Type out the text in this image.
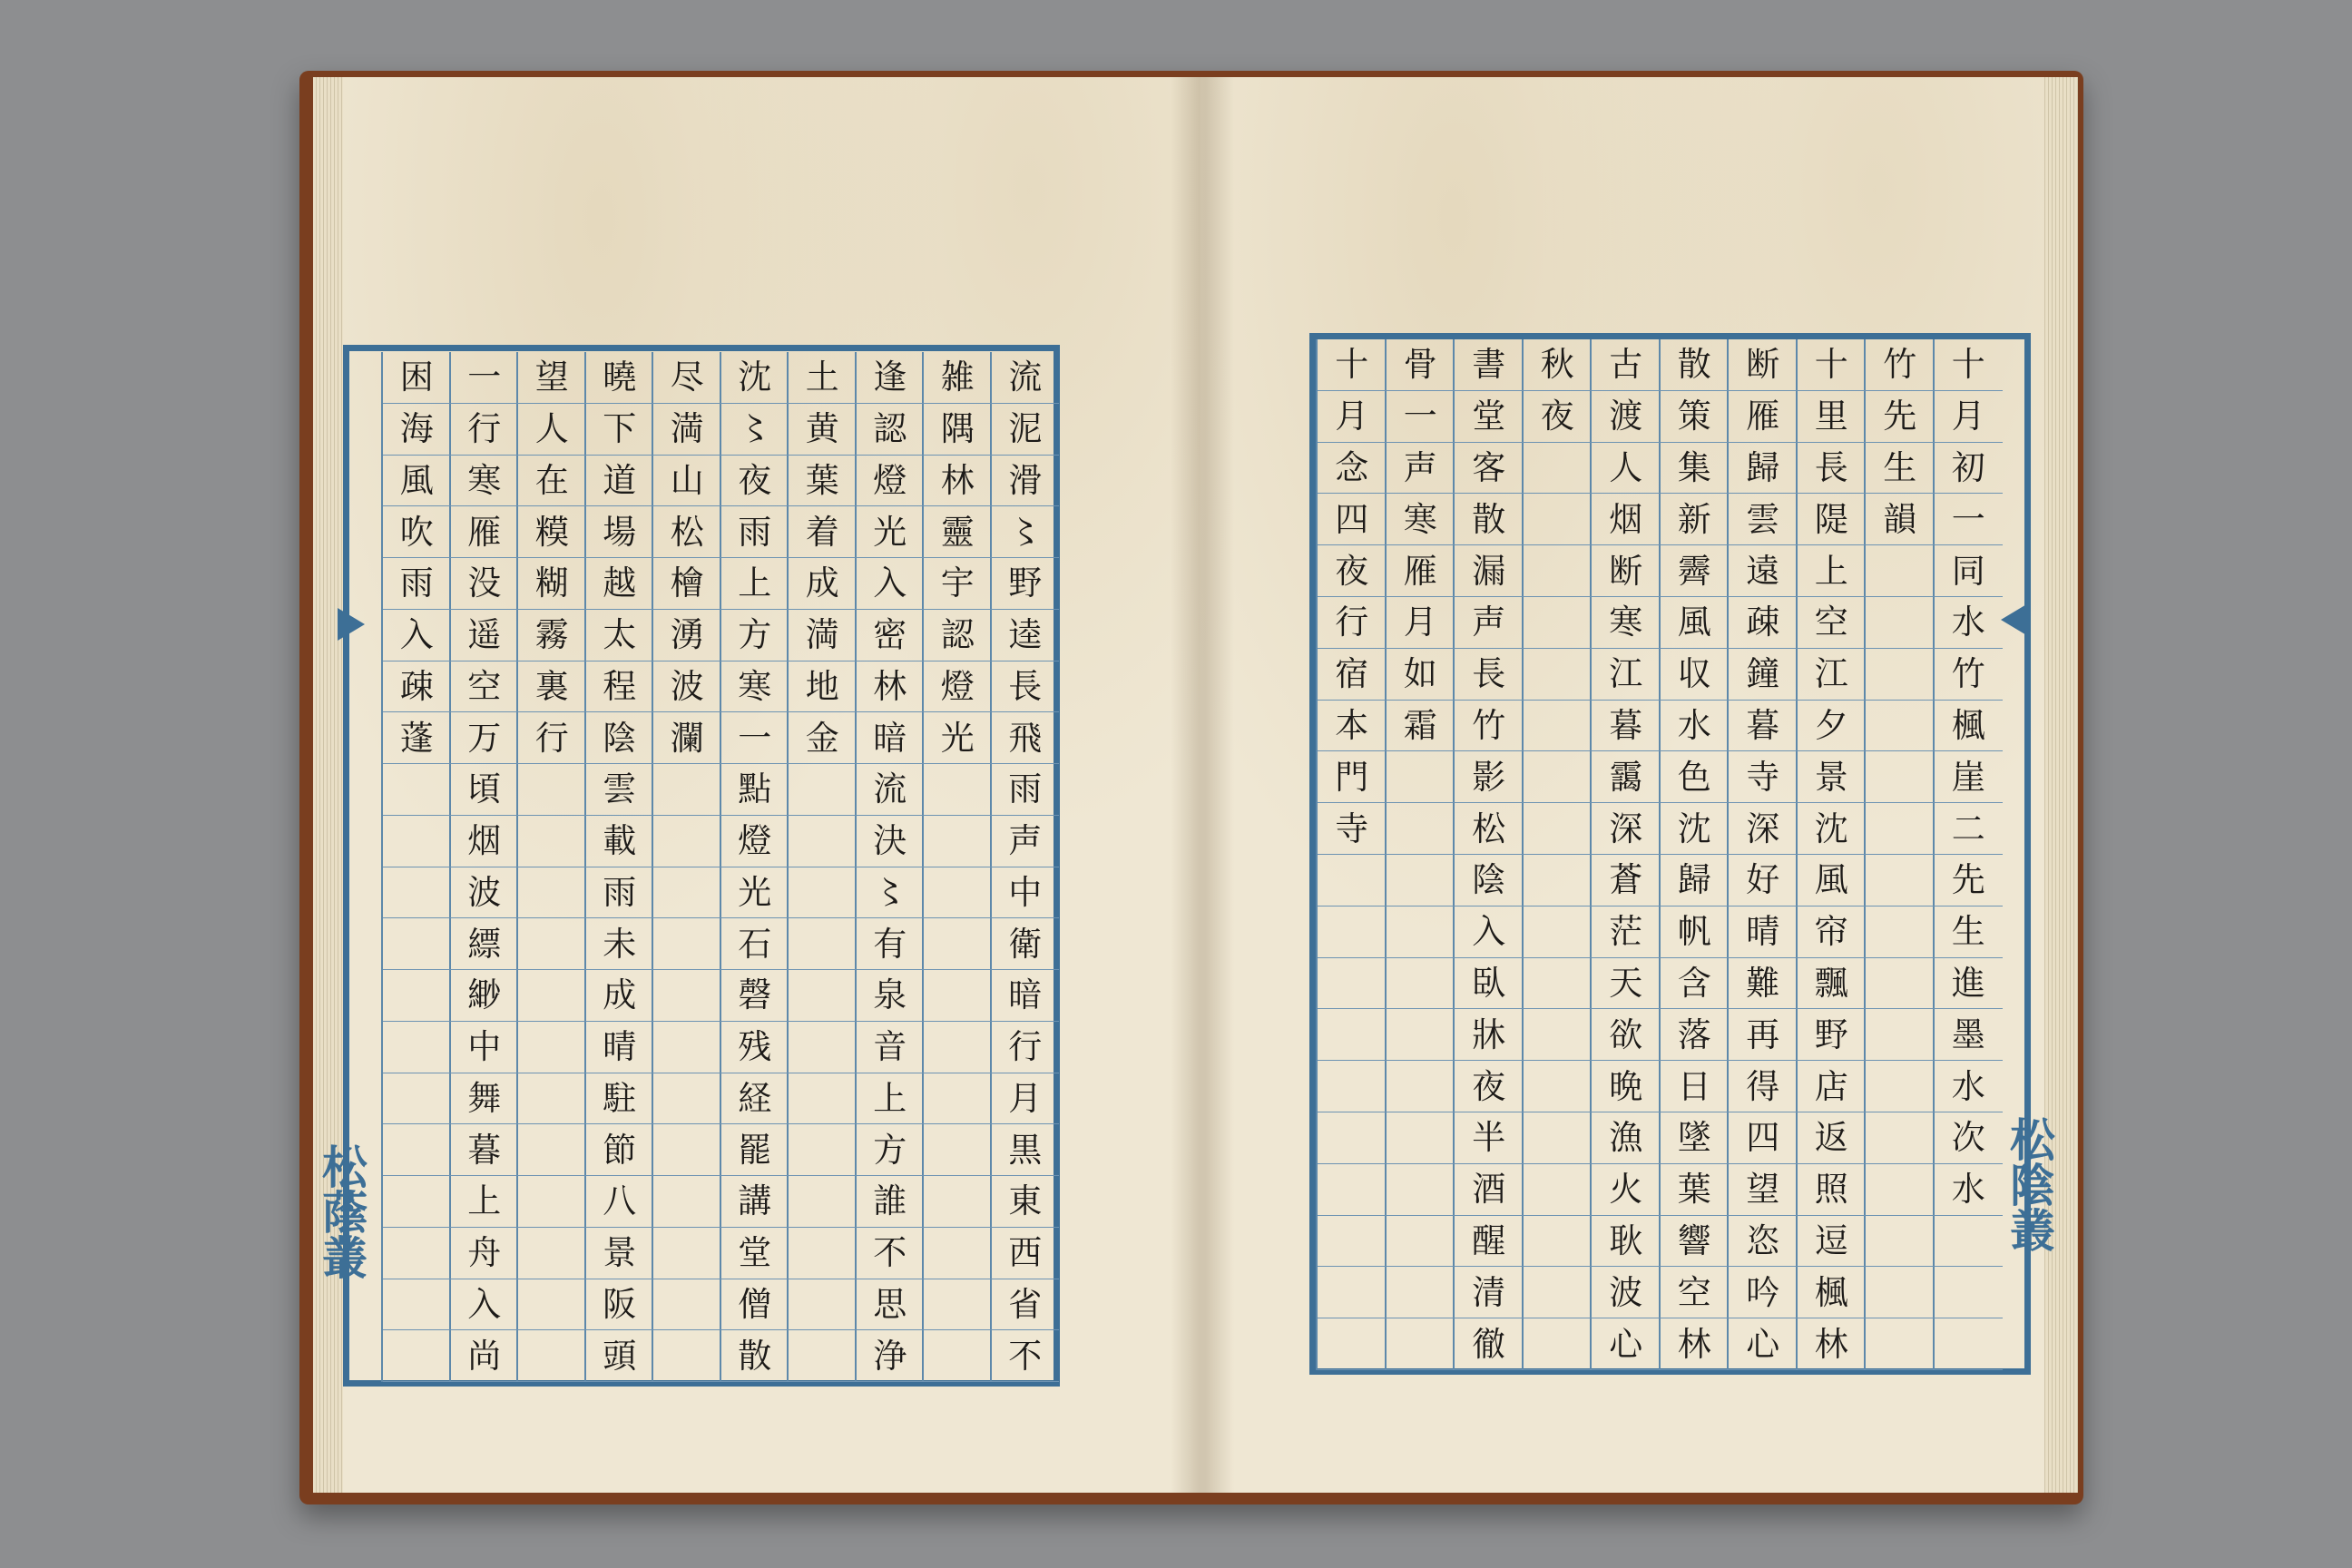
流
泥
滑
〻
野
逵
長
飛
雨
声
中
衛
暗
行
月
黒
東
西
省
不
雑
隅
林
靈
宇
認
燈
光
逢
認
燈
光
入
密
林
暗
流
決
〻
有
泉
音
上
方
誰
不
思
浄
土
黄
葉
着
成
満
地
金
沈
〻
夜
雨
上
方
寒
一
點
燈
光
石
磬
残
経
罷
講
堂
僧
散
尽
満
山
松
檜
湧
波
瀾
曉
下
道
場
越
太
程
陰
雲
載
雨
未
成
晴
駐
節
八
景
阪
頭
望
人
在
糢
糊
霧
裏
行
一
行
寒
雁
没
遥
空
万
頃
烟
波
縹
緲
中
舞
暮
上
舟
入
尚
困
海
風
吹
雨
入
疎
蓬
十
月
初
一
同
水
竹
楓
崖
二
先
生
進
墨
水
次
水
竹
先
生
韻
十
里
長
隄
上
空
江
夕
景
沈
風
帘
飄
野
店
返
照
逗
楓
林
断
雁
歸
雲
遠
疎
鐘
暮
寺
深
好
晴
難
再
得
四
望
恣
吟
心
散
策
集
新
霽
風
収
水
色
沈
歸
帆
含
落
日
墜
葉
響
空
林
古
渡
人
烟
断
寒
江
暮
靄
深
蒼
茫
天
欲
晩
漁
火
耿
波
心
秋
夜
書
堂
客
散
漏
声
長
竹
影
松
陰
入
臥
牀
夜
半
酒
醒
清
徹
骨
一
声
寒
雁
月
如
霜
十
月
念
四
夜
行
宿
本
門
寺
松蔭叢	松陰叢
